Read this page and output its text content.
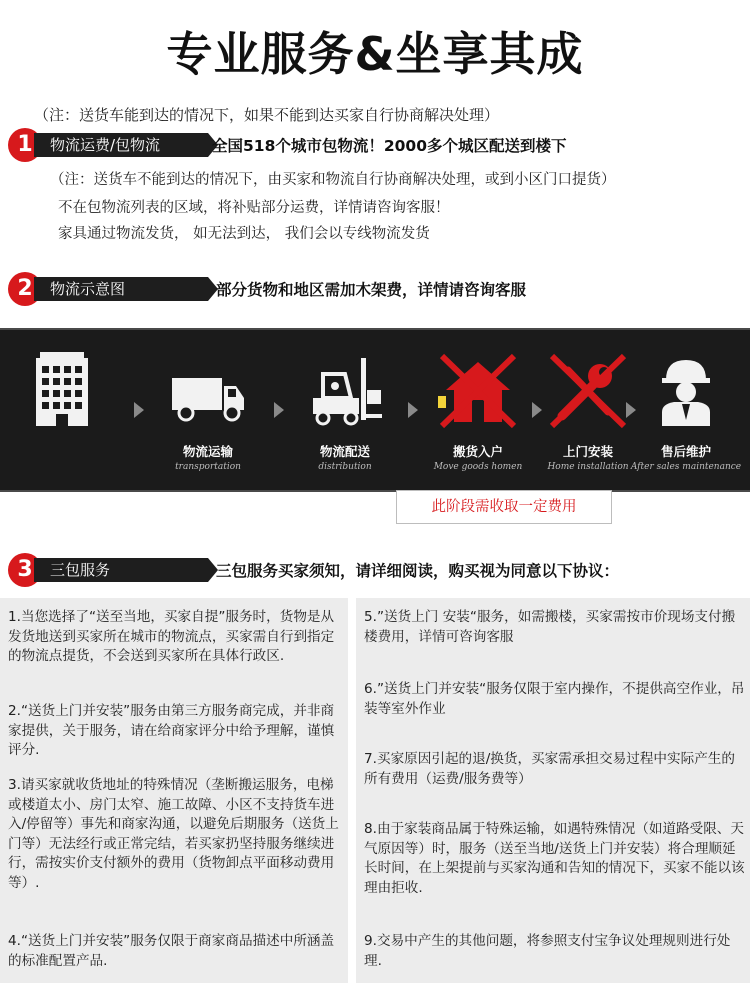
专业服务&坐享其成
（注：送货车能到达的情况下，如果不能到达买家自行协商解决处理）
1	物流运费/包物流	全国518个城市包物流！2000多个城区配送到楼下
（注：送货车不能到达的情况下，由买家和物流自行协商解决处理，或到小区门口提货）
不在包物流列表的区域，将补贴部分运费，详情请咨询客服！
家具通过物流发货， 如无法到达， 我们会以专线物流发货
2	物流示意图	部分货物和地区需加木架费，详情请咨询客服
物流运输
transportation
物流配送
distribution
搬货入户
Move goods homen
上门安装
Home installation
售后维护
After sales maintenance
此阶段需收取一定费用
3	三包服务	三包服务买家须知，请详细阅读，购买视为同意以下协议：
1.当您选择了“送至当地，买家自提”服务时，货物是从发货地送到买家所在城市的物流点，买家需自行到指定的物流点提货，不会送到买家所在具体行政区.
2.“送货上门并安装”服务由第三方服务商完成，并非商家提供，关于服务，请在给商家评分中给予理解，谨慎评分.
3.请买家就收货地址的特殊情况（垄断搬运服务，电梯或楼道太小、房门太窄、施工故障、小区不支持货车进入/停留等）事先和商家沟通，以避免后期服务（送货上门等）无法经行或正常完结，若买家扔坚持服务继续进行，需按实价支付额外的费用（货物卸点平面移动费用等）.
4.“送货上门并安装”服务仅限于商家商品描述中所涵盖的标准配置产品.
5.”送货上门 安装“服务，如需搬楼，买家需按市价现场支付搬楼费用，详情可咨询客服
6.”送货上门并安装“服务仅限于室内操作，不提供高空作业，吊装等室外作业
7.买家原因引起的退/换货，买家需承担交易过程中实际产生的所有费用（运费/服务费等）
8.由于家装商品属于特殊运输，如遇特殊情况（如道路受限、天气原因等）时，服务（送至当地/送货上门并安装）将合理顺延长时间，在上架提前与买家沟通和告知的情况下，买家不能以该理由拒收.
9.交易中产生的其他问题，将参照支付宝争议处理规则进行处理.
